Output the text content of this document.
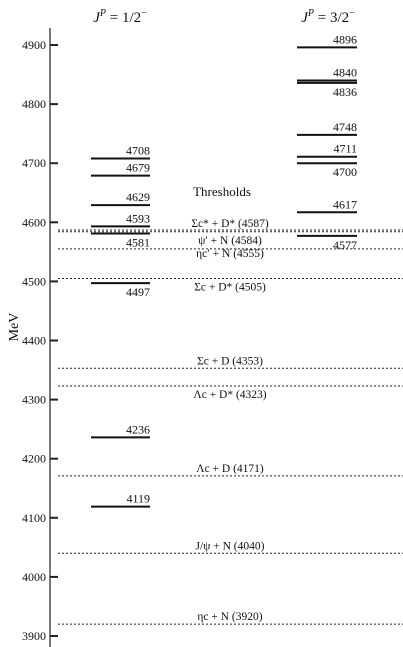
$J^P = 1/2^-$	$J^P = 3/2^-$
MeV
Thresholds
3900
4000
4100
4200
4300
4400
4500
4600
4700
4800
4900
Σc* + D* (4587)
ψ′ + N (4584)
ηc′ + N (4555)
Σc + D* (4505)
Σc + D (4353)
Λc + D* (4323)
Λc + D (4171)
J/ψ + N (4040)
ηc + N (3920)
4708
4679
4629
4593
4581
4497
4236
4119
4896
4840
4836
4748
4711
4700
4617
4577
